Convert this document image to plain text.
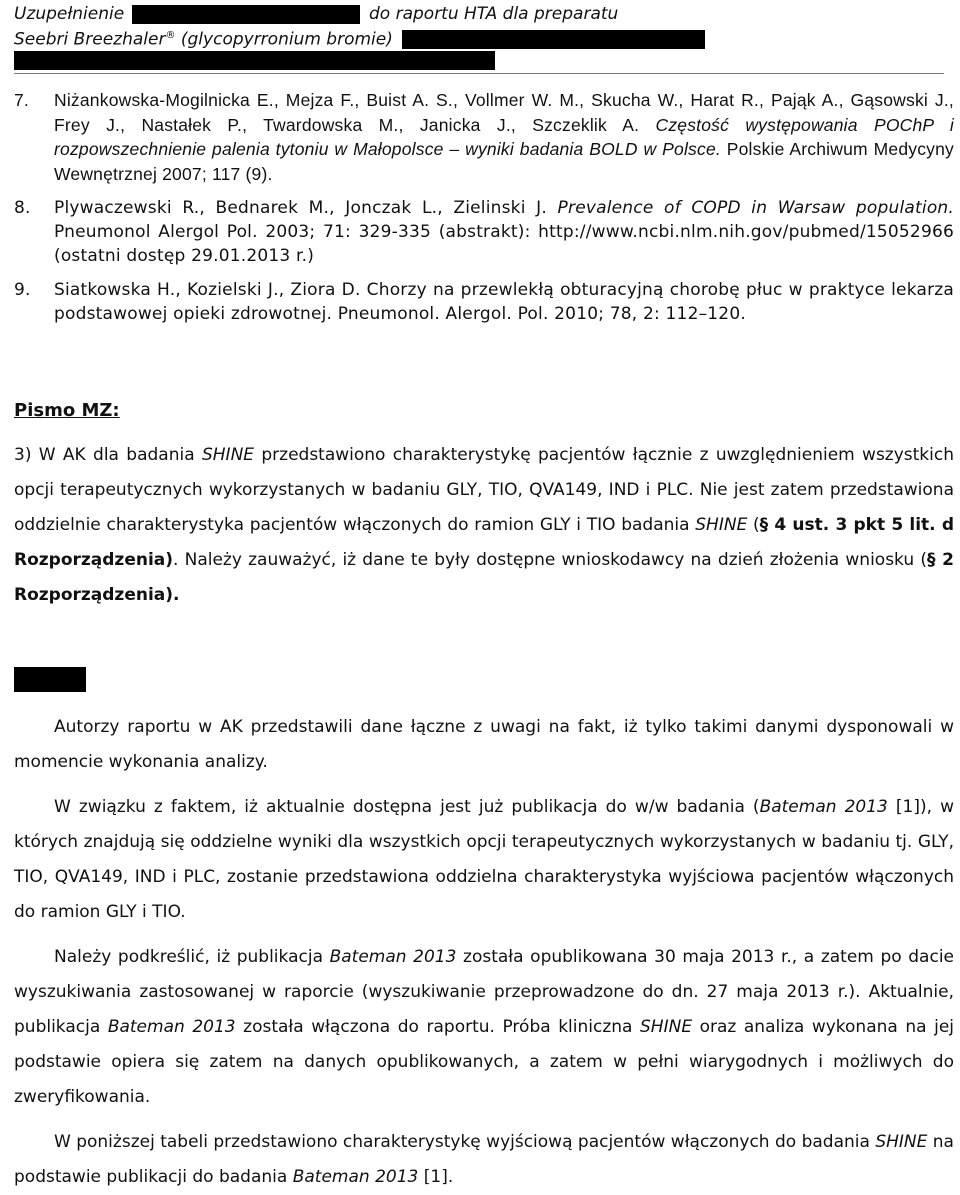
Uzupełnienie	do raportu HTA dla preparatu
Seebri Breezhaler® (glycopyrronium bromie)
7.	Niżankowska-Mogilnicka E., Mejza F., Buist A. S., Vollmer W. M., Skucha W., Harat R., Pająk A., Gąsowski J., Frey J., Nastałek P., Twardowska M., Janicka J., Szczeklik A. Częstość występowania POChP i rozpowszechnienie palenia tytoniu w Małopolsce – wyniki badania BOLD w Polsce. Polskie Archiwum Medycyny Wewnętrznej 2007; 117 (9).
8.	Plywaczewski R., Bednarek M., Jonczak L., Zielinski J. Prevalence of COPD in Warsaw population. Pneumonol Alergol Pol. 2003; 71: 329-335 (abstrakt): http://www.ncbi.nlm.nih.gov/pubmed/15052966 (ostatni dostęp 29.01.2013 r.)
9.	Siatkowska H., Kozielski J., Ziora D. Chorzy na przewlekłą obturacyjną chorobę płuc w praktyce lekarza podstawowej opieki zdrowotnej. Pneumonol. Alergol. Pol. 2010; 78, 2: 112–120.
Pismo MZ:
3) W AK dla badania SHINE przedstawiono charakterystykę pacjentów łącznie z uwzględnieniem wszystkich opcji terapeutycznych wykorzystanych w badaniu GLY, TIO, QVA149, IND i PLC. Nie jest zatem przedstawiona oddzielnie charakterystyka pacjentów włączonych do ramion GLY i TIO badania SHINE (§ 4 ust. 3 pkt 5 lit. d Rozporządzenia). Należy zauważyć, iż dane te były dostępne wnioskodawcy na dzień złożenia wniosku (§ 2 Rozporządzenia).
Autorzy raportu w AK przedstawili dane łączne z uwagi na fakt, iż tylko takimi danymi dysponowali w momencie wykonania analizy.
W związku z faktem, iż aktualnie dostępna jest już publikacja do w/w badania (Bateman 2013 [1]), w których znajdują się oddzielne wyniki dla wszystkich opcji terapeutycznych wykorzystanych w badaniu tj. GLY, TIO, QVA149, IND i PLC, zostanie przedstawiona oddzielna charakterystyka wyjściowa pacjentów włączonych do ramion GLY i TIO.
Należy podkreślić, iż publikacja Bateman 2013 została opublikowana 30 maja 2013 r., a zatem po dacie wyszukiwania zastosowanej w raporcie (wyszukiwanie przeprowadzone do dn. 27 maja 2013 r.). Aktualnie, publikacja Bateman 2013 została włączona do raportu. Próba kliniczna SHINE oraz analiza wykonana na jej podstawie opiera się zatem na danych opublikowanych, a zatem w pełni wiarygodnych i możliwych do zweryfikowania.
W poniższej tabeli przedstawiono charakterystykę wyjściową pacjentów włączonych do badania SHINE na podstawie publikacji do badania Bateman 2013 [1].
